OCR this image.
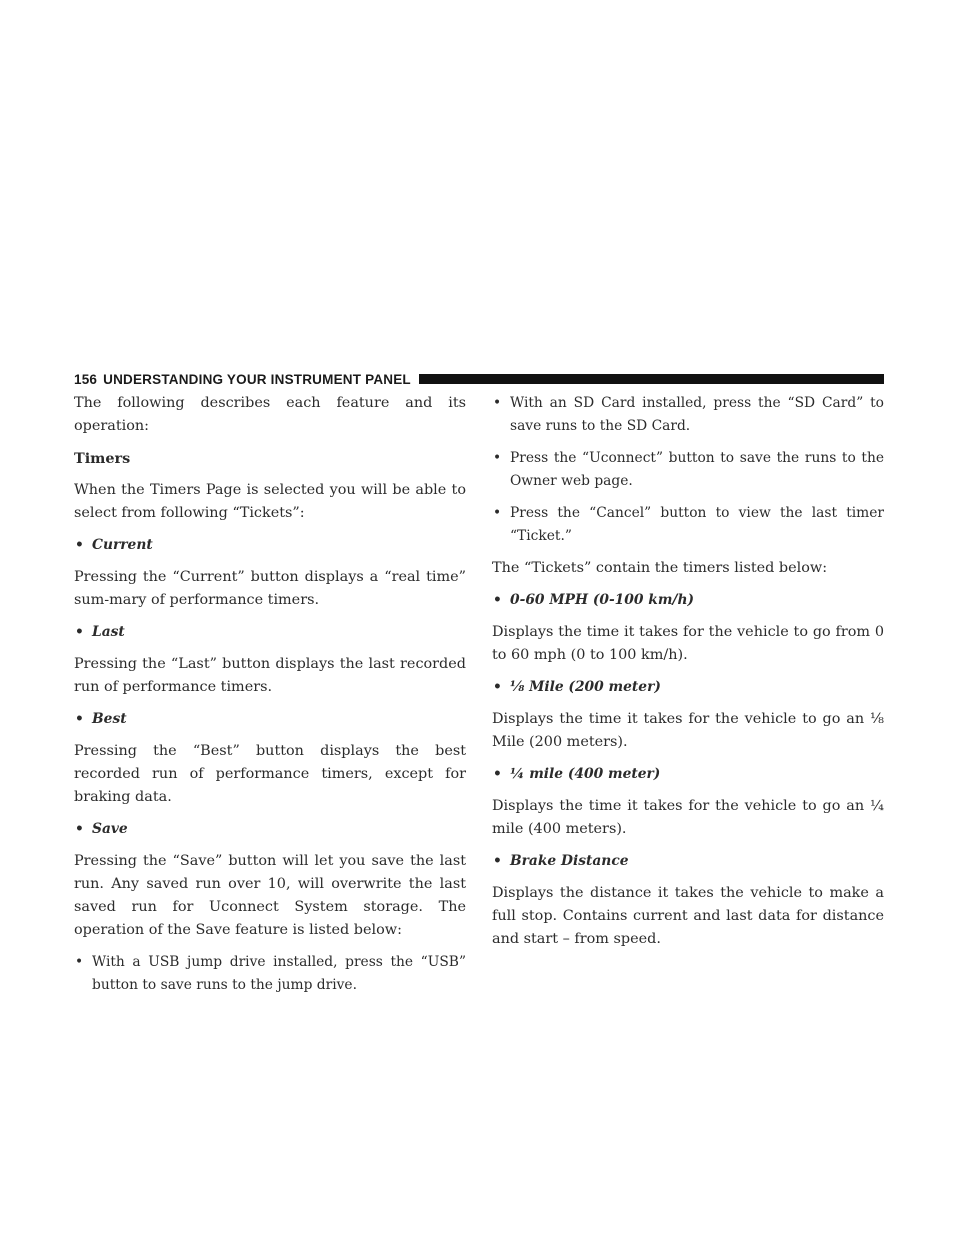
156 UNDERSTANDING YOUR INSTRUMENT PANEL

The following describes each feature and its operation:

Timers

When the Timers Page is selected you will be able to select from following “Tickets”:

• Current

Pressing the “Current” button displays a “real time” sum-mary of performance timers.

• Last

Pressing the “Last” button displays the last recorded run of performance timers.

• Best

Pressing the “Best” button displays the best recorded run of performance timers, except for braking data.

• Save

Pressing the “Save” button will let you save the last run. Any saved run over 10, will overwrite the last saved run for Uconnect System storage. The operation of the Save feature is listed below:

• With a USB jump drive installed, press the “USB” button to save runs to the jump drive.
• With an SD Card installed, press the “SD Card” to save runs to the SD Card.
• Press the “Uconnect” button to save the runs to the Owner web page.
• Press the “Cancel” button to view the last timer “Ticket.”

The “Tickets” contain the timers listed below:

• 0-60 MPH (0-100 km/h)

Displays the time it takes for the vehicle to go from 0 to 60 mph (0 to 100 km/h).

• ⅛ Mile (200 meter)

Displays the time it takes for the vehicle to go an ⅛ Mile (200 meters).

• ¼ mile (400 meter)

Displays the time it takes for the vehicle to go an ¼ mile (400 meters).

• Brake Distance

Displays the distance it takes the vehicle to make a full stop. Contains current and last data for distance and start – from speed.
